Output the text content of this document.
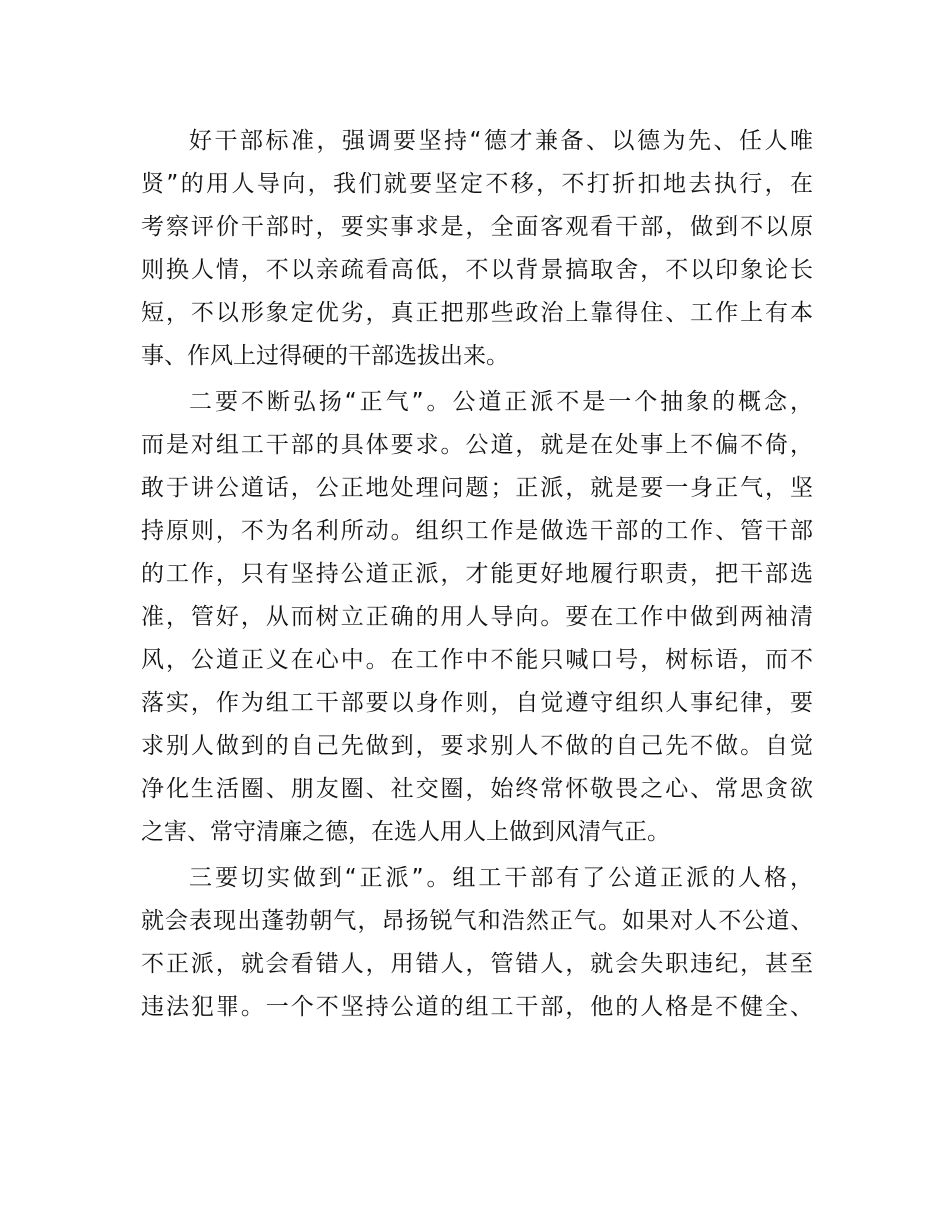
好干部标准，强调要坚持“德才兼备、以德为先、任人唯
贤”的用人导向，我们就要坚定不移，不打折扣地去执行，在
考察评价干部时，要实事求是，全面客观看干部，做到不以原
则换人情，不以亲疏看高低，不以背景搞取舍，不以印象论长
短，不以形象定优劣，真正把那些政治上靠得住、工作上有本
事、作风上过得硬的干部选拔出来。
二要不断弘扬“正气”。公道正派不是一个抽象的概念，
而是对组工干部的具体要求。公道，就是在处事上不偏不倚，
敢于讲公道话，公正地处理问题；正派，就是要一身正气，坚
持原则，不为名利所动。组织工作是做选干部的工作、管干部
的工作，只有坚持公道正派，才能更好地履行职责，把干部选
准，管好，从而树立正确的用人导向。要在工作中做到两袖清
风，公道正义在心中。在工作中不能只喊口号，树标语，而不
落实，作为组工干部要以身作则，自觉遵守组织人事纪律，要
求别人做到的自己先做到，要求别人不做的自己先不做。自觉
净化生活圈、朋友圈、社交圈，始终常怀敬畏之心、常思贪欲
之害、常守清廉之德，在选人用人上做到风清气正。
三要切实做到“正派”。组工干部有了公道正派的人格，
就会表现出蓬勃朝气，昂扬锐气和浩然正气。如果对人不公道、
不正派，就会看错人，用错人，管错人，就会失职违纪，甚至
违法犯罪。一个不坚持公道的组工干部，他的人格是不健全、
